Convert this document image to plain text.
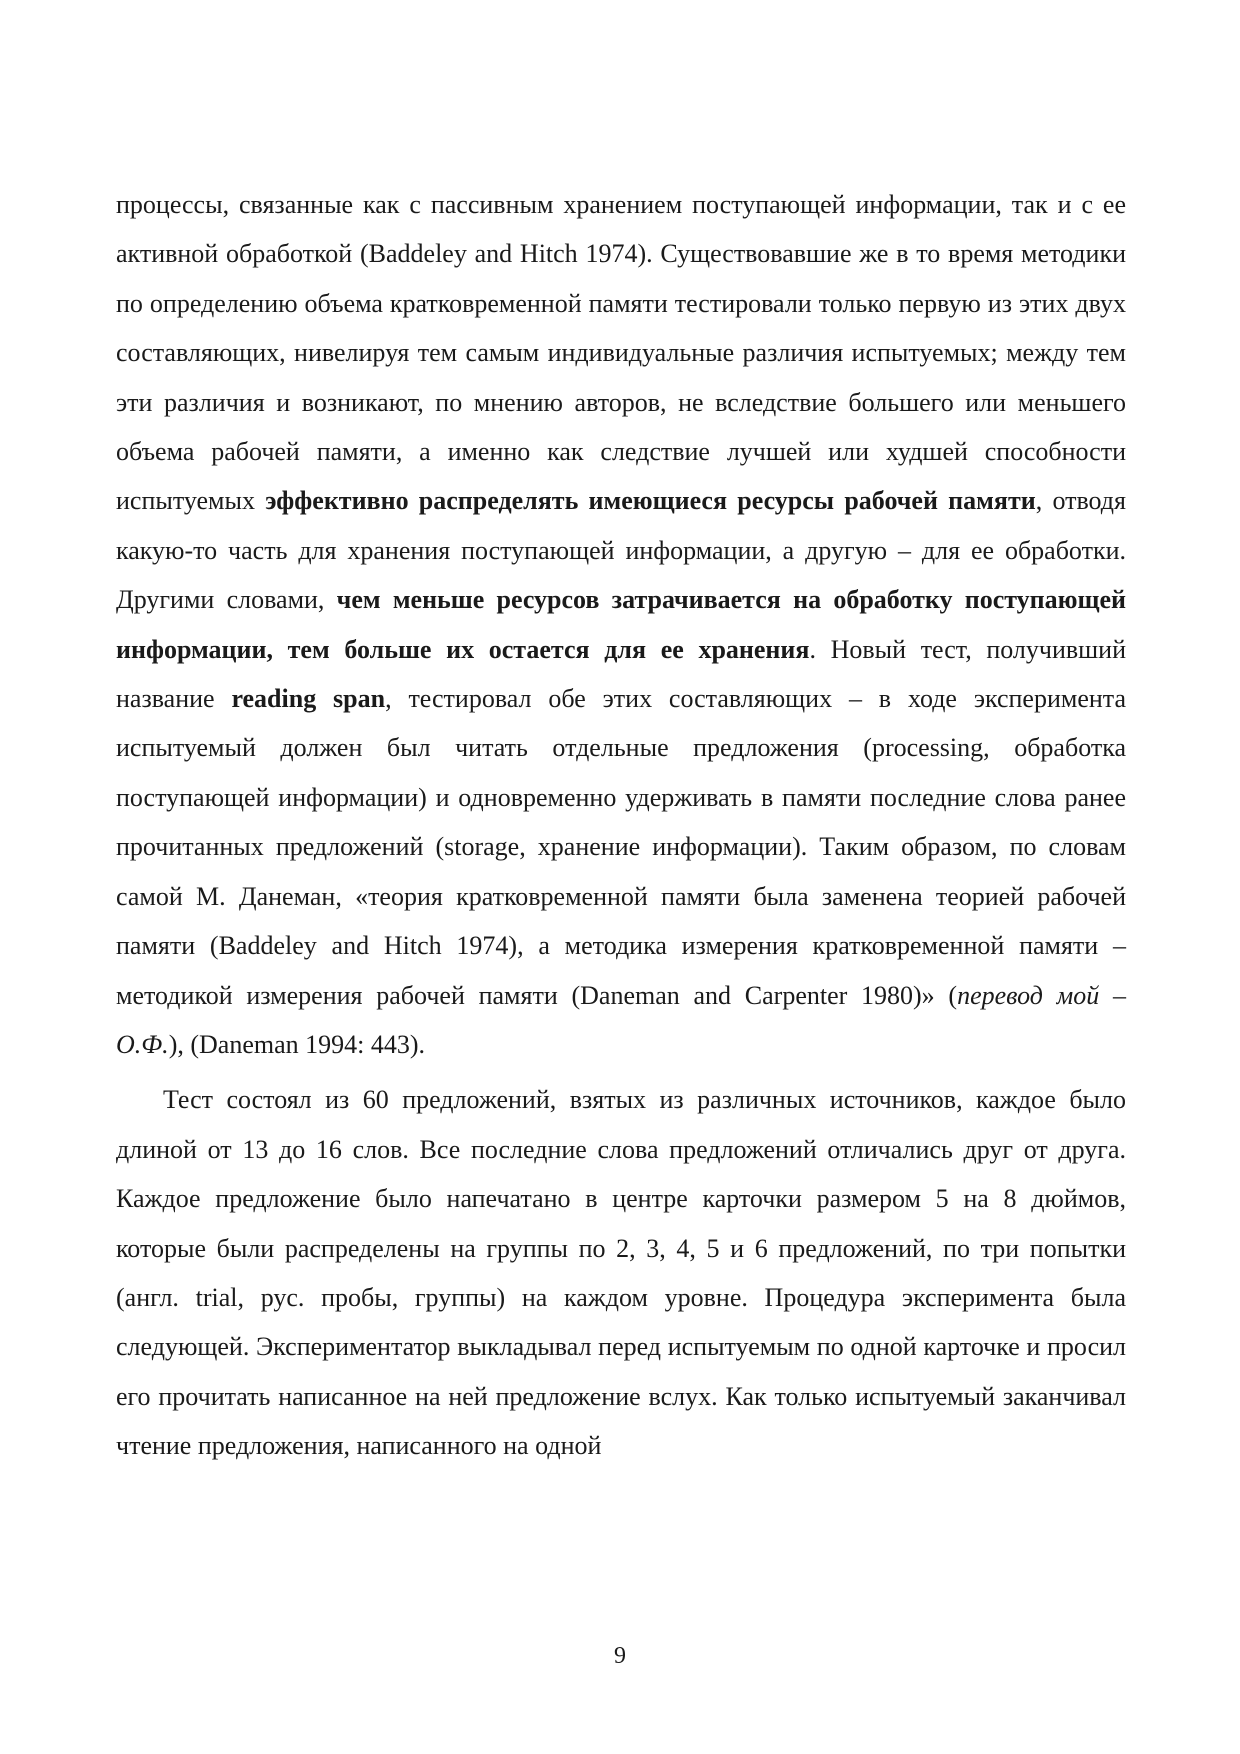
процессы, связанные как с пассивным хранением поступающей информации, так и с ее активной обработкой (Baddeley and Hitch 1974). Существовавшие же в то время методики по определению объема кратковременной памяти тестировали только первую из этих двух составляющих, нивелируя тем самым индивидуальные различия испытуемых; между тем эти различия и возникают, по мнению авторов, не вследствие большего или меньшего объема рабочей памяти, а именно как следствие лучшей или худшей способности испытуемых эффективно распределять имеющиеся ресурсы рабочей памяти, отводя какую-то часть для хранения поступающей информации, а другую – для ее обработки. Другими словами, чем меньше ресурсов затрачивается на обработку поступающей информации, тем больше их остается для ее хранения. Новый тест, получивший название reading span, тестировал обе этих составляющих – в ходе эксперимента испытуемый должен был читать отдельные предложения (processing, обработка поступающей информации) и одновременно удерживать в памяти последние слова ранее прочитанных предложений (storage, хранение информации). Таким образом, по словам самой М. Данеман, «теория кратковременной памяти была заменена теорией рабочей памяти (Baddeley and Hitch 1974), а методика измерения кратковременной памяти – методикой измерения рабочей памяти (Daneman and Carpenter 1980)» (перевод мой – О.Ф.), (Daneman 1994: 443).

Тест состоял из 60 предложений, взятых из различных источников, каждое было длиной от 13 до 16 слов. Все последние слова предложений отличались друг от друга. Каждое предложение было напечатано в центре карточки размером 5 на 8 дюймов, которые были распределены на группы по 2, 3, 4, 5 и 6 предложений, по три попытки (англ. trial, рус. пробы, группы) на каждом уровне. Процедура эксперимента была следующей. Экспериментатор выкладывал перед испытуемым по одной карточке и просил его прочитать написанное на ней предложение вслух. Как только испытуемый заканчивал чтение предложения, написанного на одной

9
